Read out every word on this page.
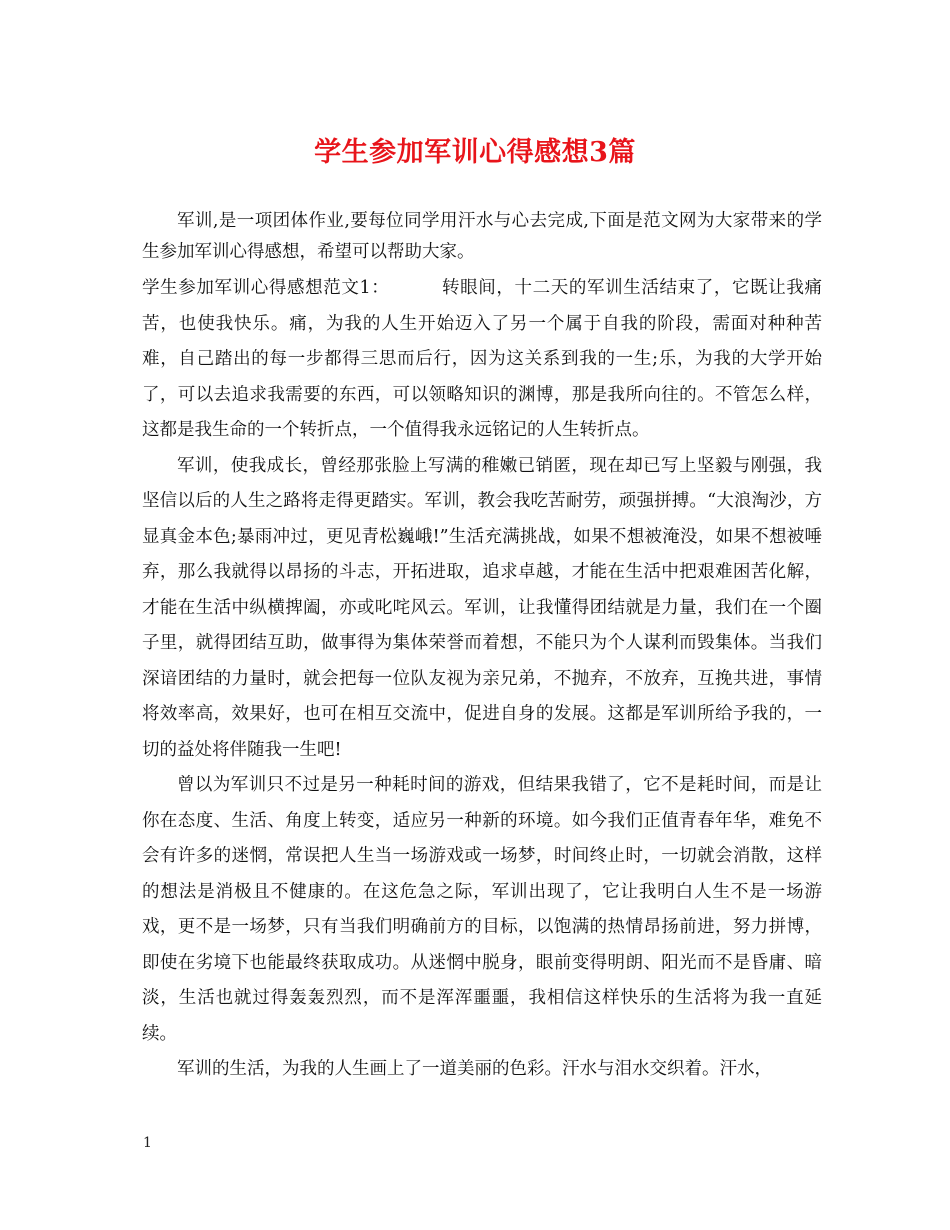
学生参加军训心得感想3篇

军训,是一项团体作业,要每位同学用汗水与心去完成,下面是范文网为大家带来的学生参加军训心得感想，希望可以帮助大家。

学生参加军训心得感想范文1：	转眼间，十二天的军训生活结束了，它既让我痛苦，也使我快乐。痛，为我的人生开始迈入了另一个属于自我的阶段，需面对种种苦难，自己踏出的每一步都得三思而后行，因为这关系到我的一生;乐，为我的大学开始了，可以去追求我需要的东西，可以领略知识的渊博，那是我所向往的。不管怎么样，这都是我生命的一个转折点，一个值得我永远铭记的人生转折点。

军训，使我成长，曾经那张脸上写满的稚嫩已销匿，现在却已写上坚毅与刚强，我坚信以后的人生之路将走得更踏实。军训，教会我吃苦耐劳，顽强拼搏。“大浪淘沙，方显真金本色;暴雨冲过，更见青松巍峨!”生活充满挑战，如果不想被淹没，如果不想被唾弃，那么我就得以昂扬的斗志，开拓进取，追求卓越，才能在生活中把艰难困苦化解，才能在生活中纵横捭阖，亦或叱咤风云。军训，让我懂得团结就是力量，我们在一个圈子里，就得团结互助，做事得为集体荣誉而着想，不能只为个人谋利而毁集体。当我们深谙团结的力量时，就会把每一位队友视为亲兄弟，不抛弃，不放弃，互挽共进，事情将效率高，效果好，也可在相互交流中，促进自身的发展。这都是军训所给予我的，一切的益处将伴随我一生吧!

曾以为军训只不过是另一种耗时间的游戏，但结果我错了，它不是耗时间，而是让你在态度、生活、角度上转变，适应另一种新的环境。如今我们正值青春年华，难免不会有许多的迷惘，常误把人生当一场游戏或一场梦，时间终止时，一切就会消散，这样的想法是消极且不健康的。在这危急之际，军训出现了，它让我明白人生不是一场游戏，更不是一场梦，只有当我们明确前方的目标，以饱满的热情昂扬前进，努力拼博，即使在劣境下也能最终获取成功。从迷惘中脱身，眼前变得明朗、阳光而不是昏庸、暗淡，生活也就过得轰轰烈烈，而不是浑浑噩噩，我相信这样快乐的生活将为我一直延续。

军训的生活，为我的人生画上了一道美丽的色彩。汗水与泪水交织着。汗水，

1
